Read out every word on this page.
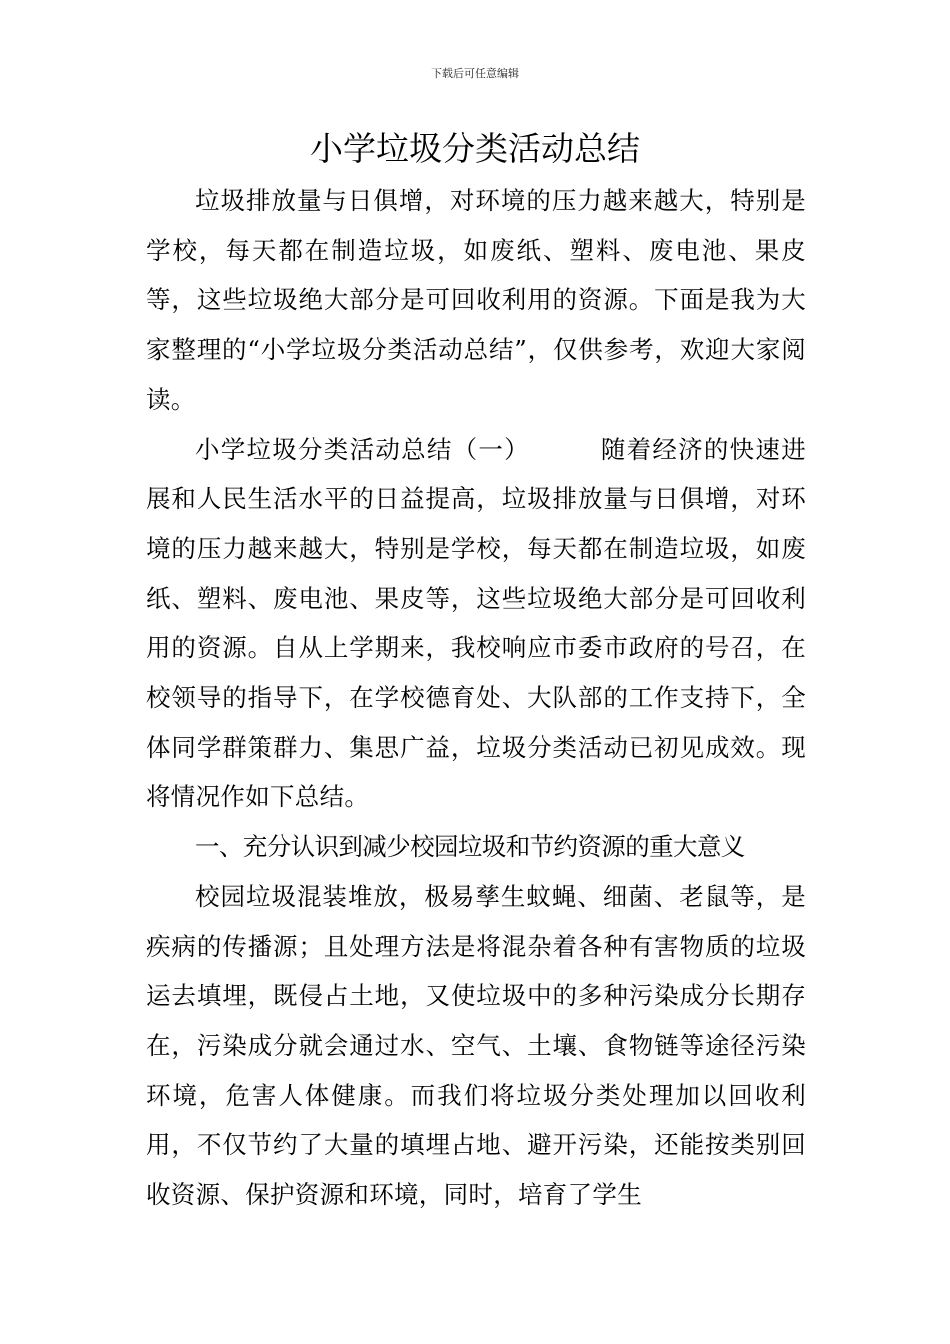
下载后可任意编辑
小学垃圾分类活动总结

垃圾排放量与日俱增，对环境的压力越来越大，特别是学校，每天都在制造垃圾，如废纸、塑料、废电池、果皮等，这些垃圾绝大部分是可回收利用的资源。下面是我为大家整理的“小学垃圾分类活动总结”，仅供参考，欢迎大家阅读。

小学垃圾分类活动总结（一）	随着经济的快速进展和人民生活水平的日益提高，垃圾排放量与日俱增，对环境的压力越来越大，特别是学校，每天都在制造垃圾，如废纸、塑料、废电池、果皮等，这些垃圾绝大部分是可回收利用的资源。自从上学期来，我校响应市委市政府的号召，在校领导的指导下，在学校德育处、大队部的工作支持下，全体同学群策群力、集思广益，垃圾分类活动已初见成效。现将情况作如下总结。

一、充分认识到减少校园垃圾和节约资源的重大意义

校园垃圾混装堆放，极易孳生蚊蝇、细菌、老鼠等，是疾病的传播源；且处理方法是将混杂着各种有害物质的垃圾运去填埋，既侵占土地，又使垃圾中的多种污染成分长期存在，污染成分就会通过水、空气、土壤、食物链等途径污染环境，危害人体健康。而我们将垃圾分类处理加以回收利用，不仅节约了大量的填埋占地、避开污染，还能按类别回收资源、保护资源和环境，同时，培育了学生
